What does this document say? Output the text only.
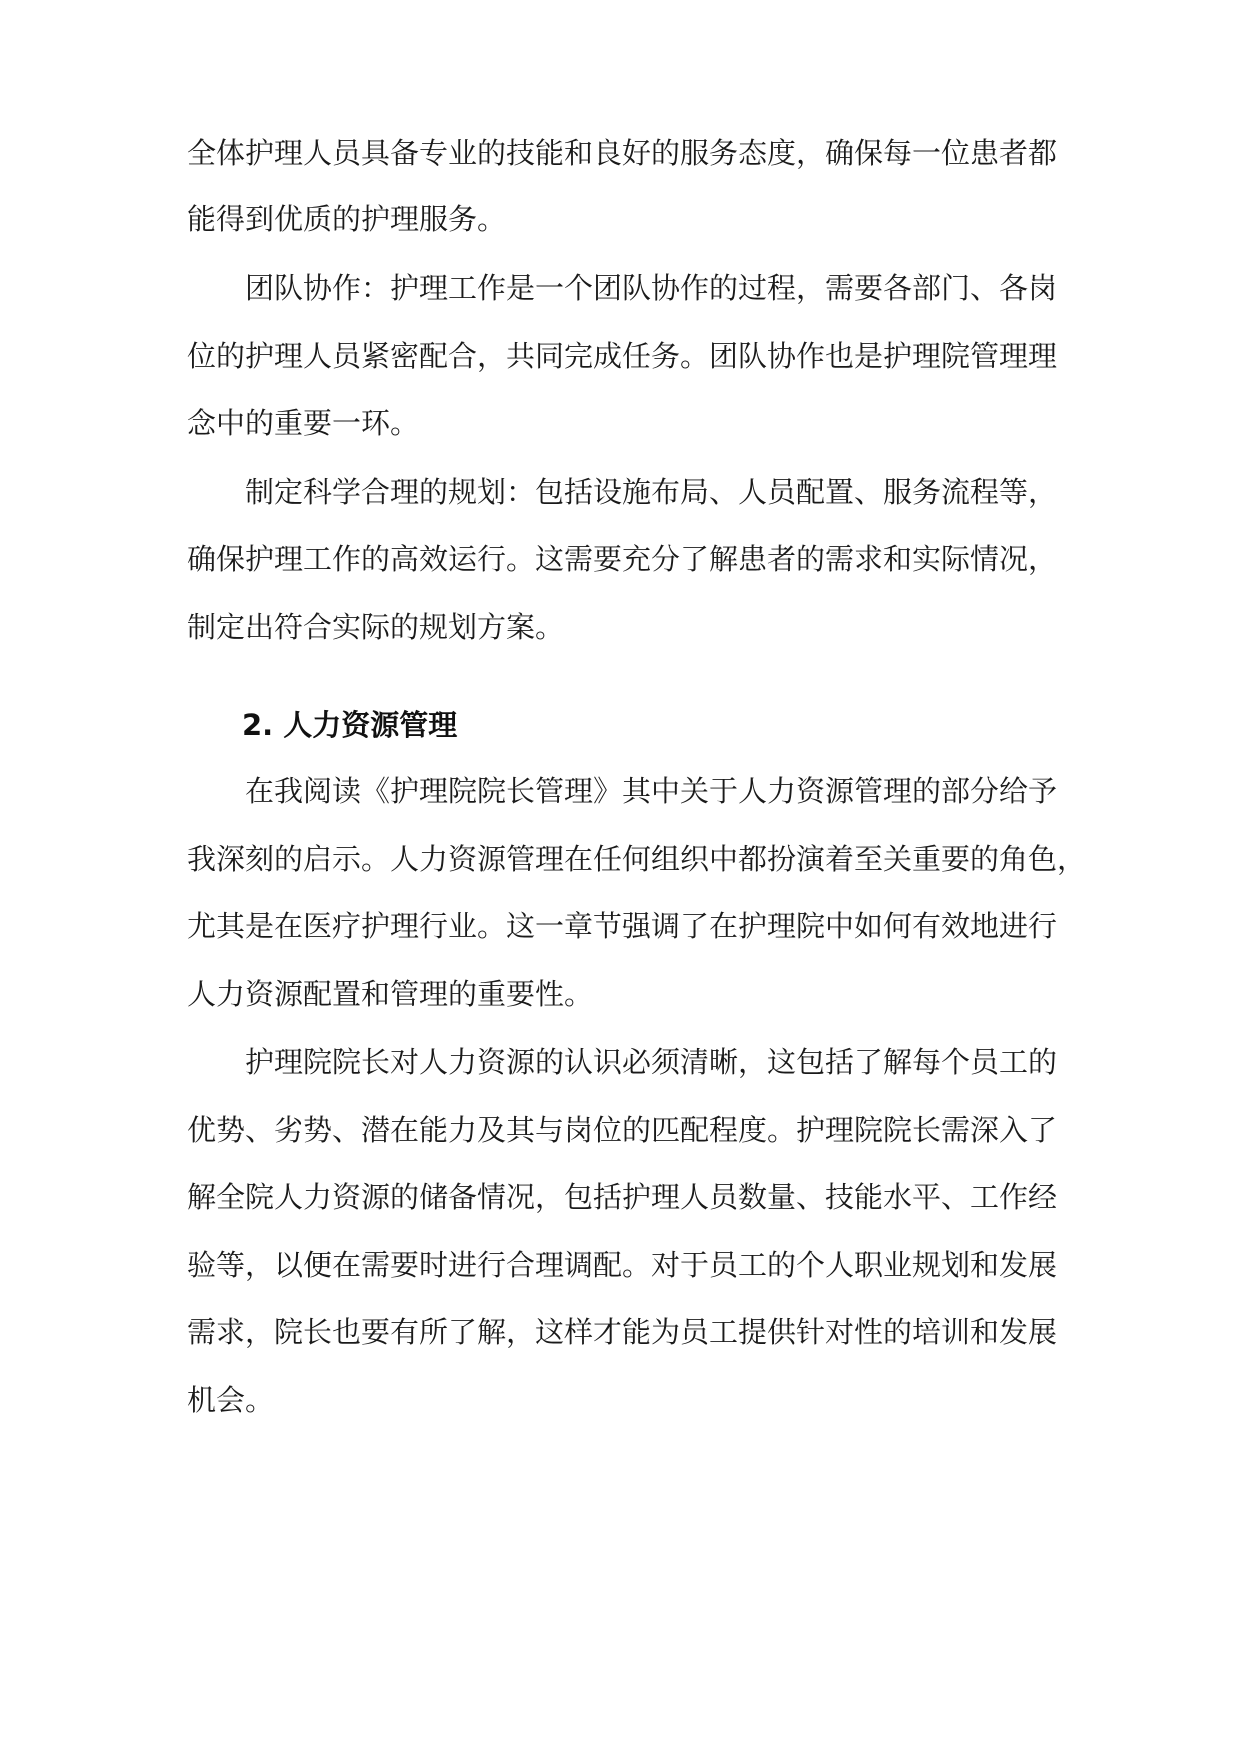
全体护理人员具备专业的技能和良好的服务态度，确保每一位患者都
能得到优质的护理服务。
团队协作：护理工作是一个团队协作的过程，需要各部门、各岗
位的护理人员紧密配合，共同完成任务。团队协作也是护理院管理理
念中的重要一环。
制定科学合理的规划：包括设施布局、人员配置、服务流程等，
确保护理工作的高效运行。这需要充分了解患者的需求和实际情况，
制定出符合实际的规划方案。
2. 人力资源管理
在我阅读《护理院院长管理》其中关于人力资源管理的部分给予
我深刻的启示。人力资源管理在任何组织中都扮演着至关重要的角色，
尤其是在医疗护理行业。这一章节强调了在护理院中如何有效地进行
人力资源配置和管理的重要性。
护理院院长对人力资源的认识必须清晰，这包括了解每个员工的
优势、劣势、潜在能力及其与岗位的匹配程度。护理院院长需深入了
解全院人力资源的储备情况，包括护理人员数量、技能水平、工作经
验等，以便在需要时进行合理调配。对于员工的个人职业规划和发展
需求，院长也要有所了解，这样才能为员工提供针对性的培训和发展
机会。
